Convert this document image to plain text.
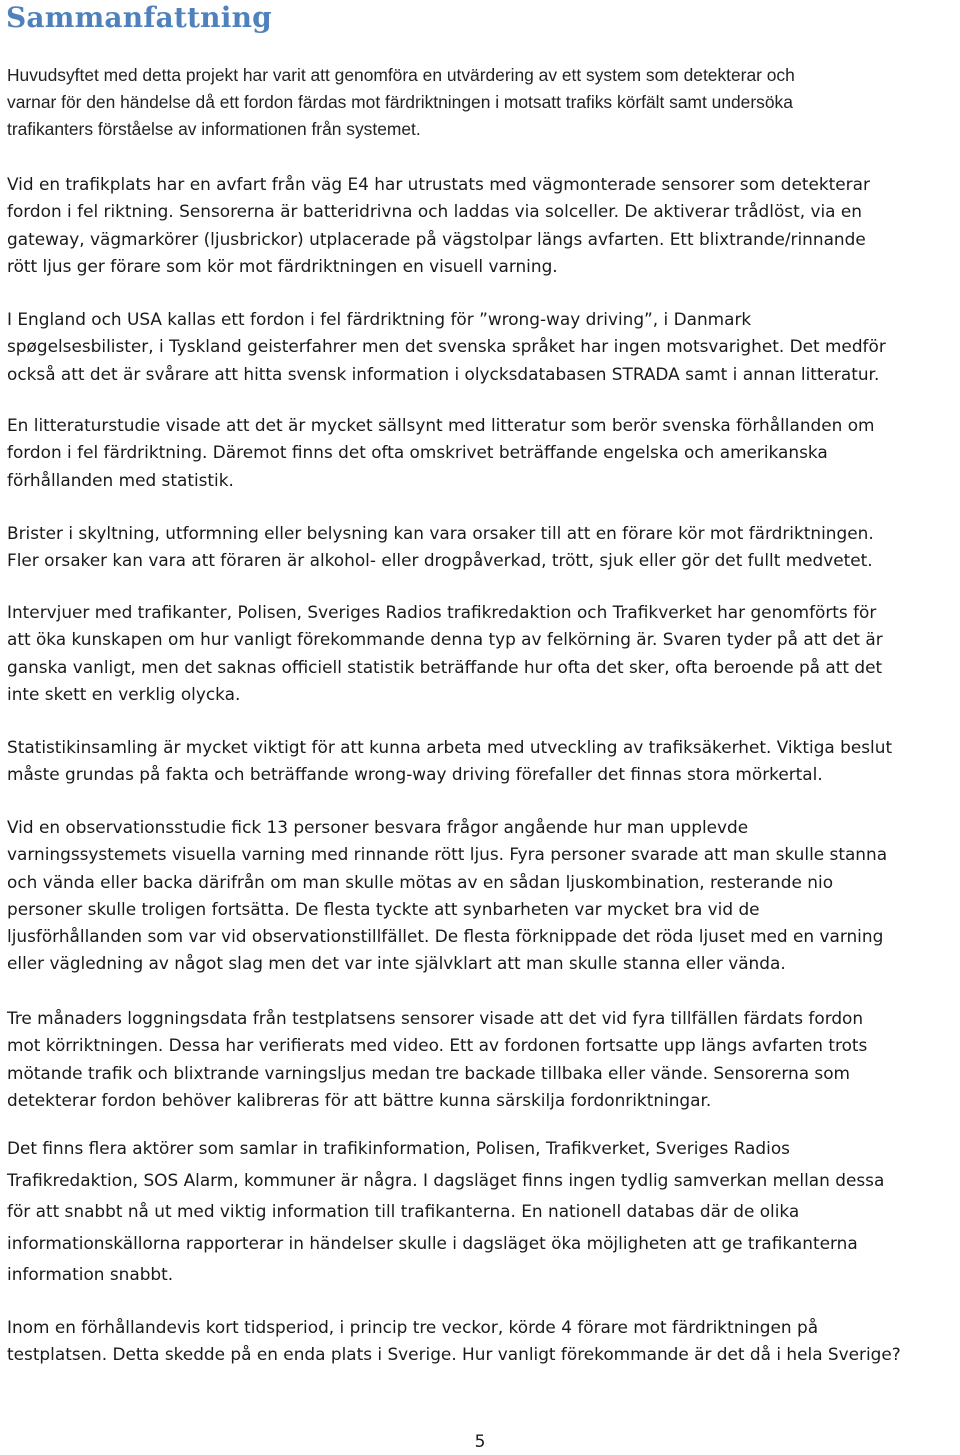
Sammanfattning

Huvudsyftet med detta projekt har varit att genomföra en utvärdering av ett system som detekterar och
varnar för den händelse då ett fordon färdas mot färdriktningen i motsatt trafiks körfält samt undersöka
trafikanters förståelse av informationen från systemet.

Vid en trafikplats har en avfart från väg E4 har utrustats med vägmonterade sensorer som detekterar
fordon i fel riktning. Sensorerna är batteridrivna och laddas via solceller. De aktiverar trådlöst, via en
gateway, vägmarkörer (ljusbrickor) utplacerade på vägstolpar längs avfarten. Ett blixtrande/rinnande
rött ljus ger förare som kör mot färdriktningen en visuell varning.

I England och USA kallas ett fordon i fel färdriktning för ”wrong-way driving”, i Danmark
spøgelsesbilister, i Tyskland geisterfahrer men det svenska språket har ingen motsvarighet. Det medför
också att det är svårare att hitta svensk information i olycksdatabasen STRADA samt i annan litteratur.

En litteraturstudie visade att det är mycket sällsynt med litteratur som berör svenska förhållanden om
fordon i fel färdriktning. Däremot finns det ofta omskrivet beträffande engelska och amerikanska
förhållanden med statistik.

Brister i skyltning, utformning eller belysning kan vara orsaker till att en förare kör mot färdriktningen.
Fler orsaker kan vara att föraren är alkohol- eller drogpåverkad, trött, sjuk eller gör det fullt medvetet.

Intervjuer med trafikanter, Polisen, Sveriges Radios trafikredaktion och Trafikverket har genomförts för
att öka kunskapen om hur vanligt förekommande denna typ av felkörning är. Svaren tyder på att det är
ganska vanligt, men det saknas officiell statistik beträffande hur ofta det sker, ofta beroende på att det
inte skett en verklig olycka.

Statistikinsamling är mycket viktigt för att kunna arbeta med utveckling av trafiksäkerhet. Viktiga beslut
måste grundas på fakta och beträffande wrong-way driving förefaller det finnas stora mörkertal.

Vid en observationsstudie fick 13 personer besvara frågor angående hur man upplevde
varningssystemets visuella varning med rinnande rött ljus. Fyra personer svarade att man skulle stanna
och vända eller backa därifrån om man skulle mötas av en sådan ljuskombination, resterande nio
personer skulle troligen fortsätta. De flesta tyckte att synbarheten var mycket bra vid de
ljusförhållanden som var vid observationstillfället. De flesta förknippade det röda ljuset med en varning
eller vägledning av något slag men det var inte självklart att man skulle stanna eller vända.

Tre månaders loggningsdata från testplatsens sensorer visade att det vid fyra tillfällen färdats fordon
mot körriktningen. Dessa har verifierats med video. Ett av fordonen fortsatte upp längs avfarten trots
mötande trafik och blixtrande varningsljus medan tre backade tillbaka eller vände. Sensorerna som
detekterar fordon behöver kalibreras för att bättre kunna särskilja fordonriktningar.

Det finns flera aktörer som samlar in trafikinformation, Polisen, Trafikverket, Sveriges Radios
Trafikredaktion, SOS Alarm, kommuner är några. I dagsläget finns ingen tydlig samverkan mellan dessa
för att snabbt nå ut med viktig information till trafikanterna. En nationell databas där de olika
informationskällorna rapporterar in händelser skulle i dagsläget öka möjligheten att ge trafikanterna
information snabbt.

Inom en förhållandevis kort tidsperiod, i princip tre veckor, körde 4 förare mot färdriktningen på
testplatsen. Detta skedde på en enda plats i Sverige. Hur vanligt förekommande är det då i hela Sverige?

5
